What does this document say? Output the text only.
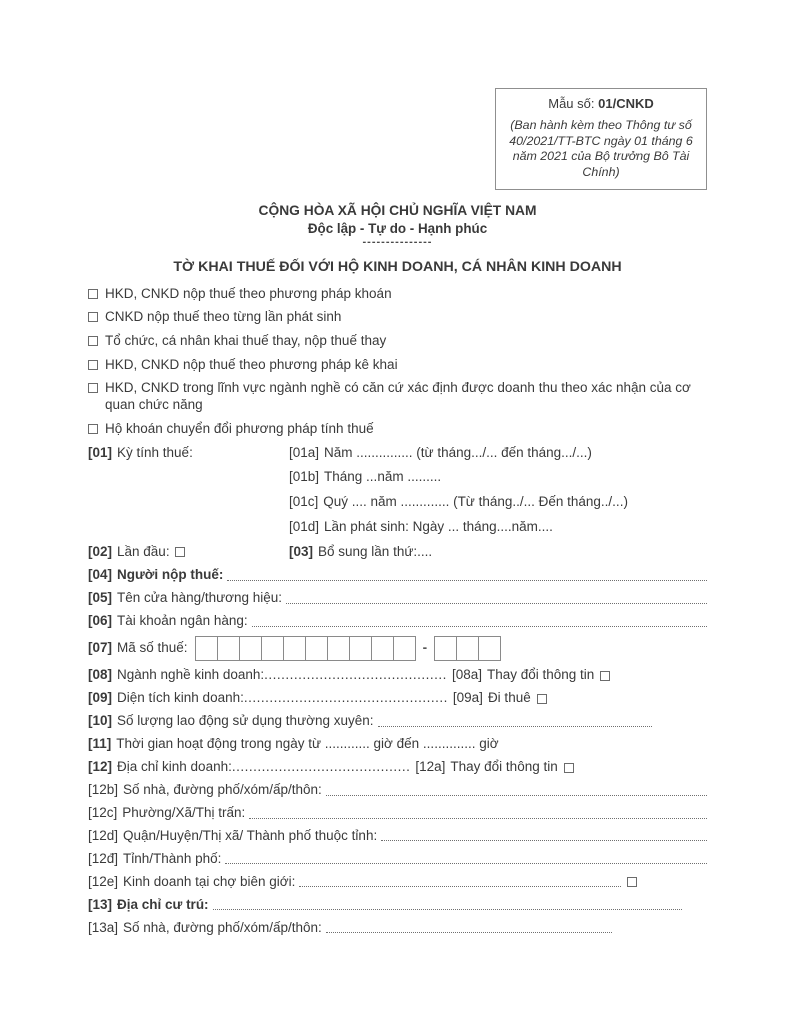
Mẫu số: 01/CNKD
(Ban hành kèm theo Thông tư số 40/2021/TT-BTC ngày 01 tháng 6 năm 2021 của Bộ trưởng Bô Tài Chính)
CỘNG HÒA XÃ HỘI CHỦ NGHĨA VIỆT NAM
Độc lập - Tự do - Hạnh phúc
---------------
TỜ KHAI THUẾ ĐỐI VỚI HỘ KINH DOANH, CÁ NHÂN KINH DOANH
HKD, CNKD nộp thuế theo phương pháp khoán
CNKD nộp thuế theo từng lần phát sinh
Tổ chức, cá nhân khai thuế thay, nộp thuế thay
HKD, CNKD nộp thuế theo phương pháp kê khai
HKD, CNKD trong lĩnh vực ngành nghề có căn cứ xác định được doanh thu theo xác nhận của cơ quan chức năng
Hộ khoán chuyển đổi phương pháp tính thuế
[01] Kỳ tính thuế:	[01a] Năm ............... (từ tháng.../... đến tháng.../...)
[01b] Tháng ...năm .........
[01c] Quý .... năm ............. (Từ tháng../... Đến tháng../...)
[01d] Lần phát sinh: Ngày ... tháng....năm....
[02] Lần đầu:	[03] Bổ sung lần thứ:....
[04] Người nộp thuế:
[05] Tên cửa hàng/thương hiệu:
[06] Tài khoản ngân hàng:
[07] Mã số thuế:	-
[08] Ngành nghề kinh doanh: ........................................... [08a] Thay đổi thông tin
[09] Diện tích kinh doanh: ................................................ [09a] Đi thuê
[10] Số lượng lao động sử dụng thường xuyên:
[11] Thời gian hoạt động trong ngày từ ............ giờ đến .............. giờ
[12] Địa chỉ kinh doanh: .......................................... [12a] Thay đổi thông tin
[12b] Số nhà, đường phố/xóm/ấp/thôn:
[12c] Phường/Xã/Thị trấn:
[12d] Quận/Huyện/Thị xã/ Thành phố thuộc tỉnh:
[12đ] Tỉnh/Thành phố:
[12e] Kinh doanh tại chợ biên giới:
[13] Địa chỉ cư trú:
[13a] Số nhà, đường phố/xóm/ấp/thôn:
